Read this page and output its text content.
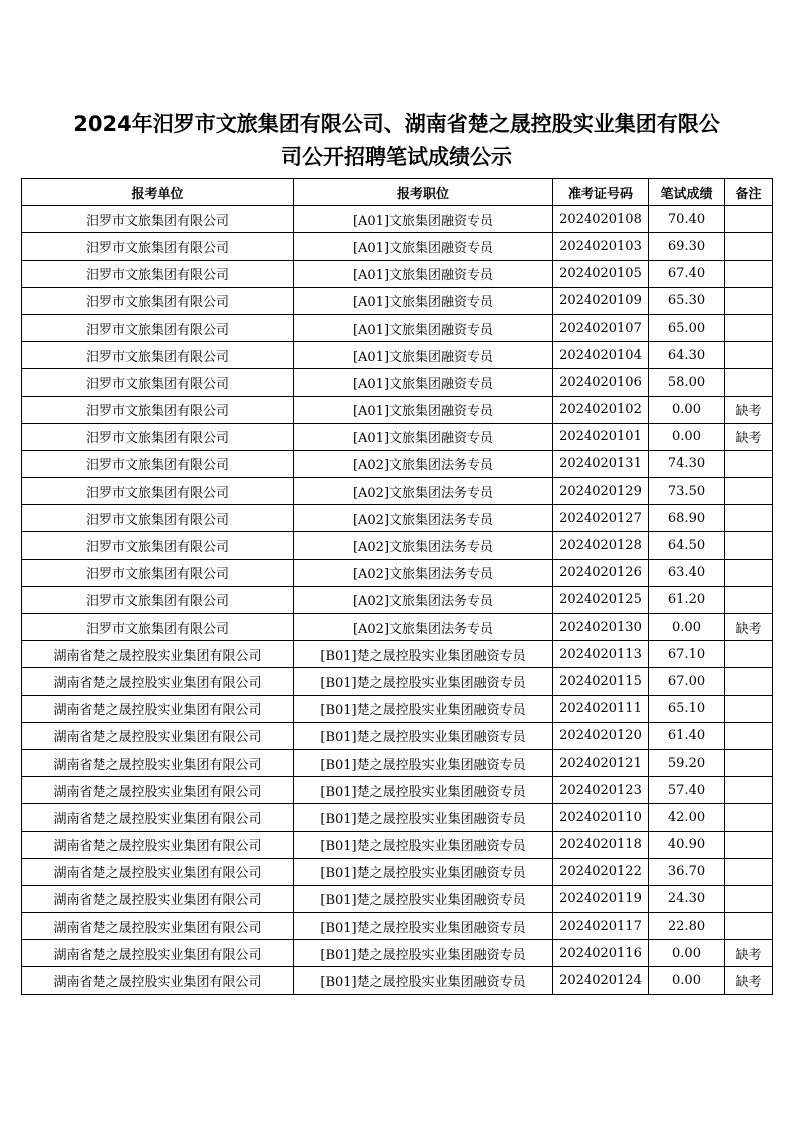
2024年汨罗市文旅集团有限公司、湖南省楚之晟控股实业集团有限公
司公开招聘笔试成绩公示
报考单位	报考职位	准考证号码	笔试成绩	备注
汨罗市文旅集团有限公司	[A01]文旅集团融资专员	2024020108	70.40	
汨罗市文旅集团有限公司	[A01]文旅集团融资专员	2024020103	69.30	
汨罗市文旅集团有限公司	[A01]文旅集团融资专员	2024020105	67.40	
汨罗市文旅集团有限公司	[A01]文旅集团融资专员	2024020109	65.30	
汨罗市文旅集团有限公司	[A01]文旅集团融资专员	2024020107	65.00	
汨罗市文旅集团有限公司	[A01]文旅集团融资专员	2024020104	64.30	
汨罗市文旅集团有限公司	[A01]文旅集团融资专员	2024020106	58.00	
汨罗市文旅集团有限公司	[A01]文旅集团融资专员	2024020102	0.00	缺考
汨罗市文旅集团有限公司	[A01]文旅集团融资专员	2024020101	0.00	缺考
汨罗市文旅集团有限公司	[A02]文旅集团法务专员	2024020131	74.30	
汨罗市文旅集团有限公司	[A02]文旅集团法务专员	2024020129	73.50	
汨罗市文旅集团有限公司	[A02]文旅集团法务专员	2024020127	68.90	
汨罗市文旅集团有限公司	[A02]文旅集团法务专员	2024020128	64.50	
汨罗市文旅集团有限公司	[A02]文旅集团法务专员	2024020126	63.40	
汨罗市文旅集团有限公司	[A02]文旅集团法务专员	2024020125	61.20	
汨罗市文旅集团有限公司	[A02]文旅集团法务专员	2024020130	0.00	缺考
湖南省楚之晟控股实业集团有限公司	[B01]楚之晟控股实业集团融资专员	2024020113	67.10	
湖南省楚之晟控股实业集团有限公司	[B01]楚之晟控股实业集团融资专员	2024020115	67.00	
湖南省楚之晟控股实业集团有限公司	[B01]楚之晟控股实业集团融资专员	2024020111	65.10	
湖南省楚之晟控股实业集团有限公司	[B01]楚之晟控股实业集团融资专员	2024020120	61.40	
湖南省楚之晟控股实业集团有限公司	[B01]楚之晟控股实业集团融资专员	2024020121	59.20	
湖南省楚之晟控股实业集团有限公司	[B01]楚之晟控股实业集团融资专员	2024020123	57.40	
湖南省楚之晟控股实业集团有限公司	[B01]楚之晟控股实业集团融资专员	2024020110	42.00	
湖南省楚之晟控股实业集团有限公司	[B01]楚之晟控股实业集团融资专员	2024020118	40.90	
湖南省楚之晟控股实业集团有限公司	[B01]楚之晟控股实业集团融资专员	2024020122	36.70	
湖南省楚之晟控股实业集团有限公司	[B01]楚之晟控股实业集团融资专员	2024020119	24.30	
湖南省楚之晟控股实业集团有限公司	[B01]楚之晟控股实业集团融资专员	2024020117	22.80	
湖南省楚之晟控股实业集团有限公司	[B01]楚之晟控股实业集团融资专员	2024020116	0.00	缺考
湖南省楚之晟控股实业集团有限公司	[B01]楚之晟控股实业集团融资专员	2024020124	0.00	缺考
